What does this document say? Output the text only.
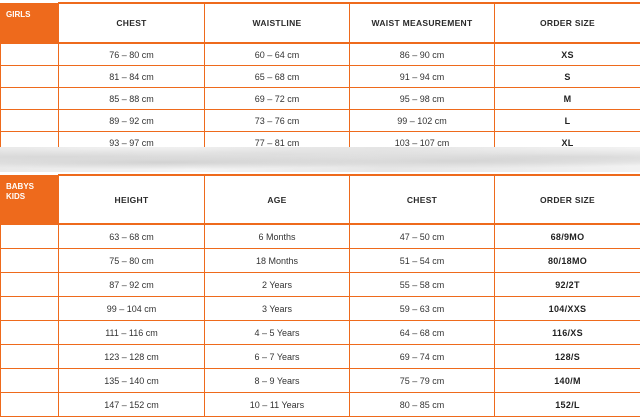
GIRLS	CHEST	WAISTLINE	WAIST MEASUREMENT	ORDER SIZE
	76 – 80 cm	60 – 64 cm	86 – 90 cm	XS
	81 – 84 cm	65 – 68 cm	91 – 94 cm	S
	85 – 88 cm	69 – 72 cm	95 – 98 cm	M
	89 – 92 cm	73 – 76 cm	99 – 102 cm	L
	93 – 97 cm	77 – 81 cm	103 – 107 cm	XL
BABYS
KIDS	HEIGHT	AGE	CHEST	ORDER SIZE
	63 – 68 cm	6 Months	47 – 50 cm	68/9MO
	75 – 80 cm	18 Months	51 – 54 cm	80/18MO
	87 – 92 cm	2 Years	55 – 58 cm	92/2T
	99 – 104 cm	3 Years	59 – 63 cm	104/XXS
	111 – 116 cm	4 – 5 Years	64 – 68 cm	116/XS
	123 – 128 cm	6 – 7 Years	69 – 74 cm	128/S
	135 – 140 cm	8 – 9 Years	75 – 79 cm	140/M
	147 – 152 cm	10 – 11 Years	80 – 85 cm	152/L
